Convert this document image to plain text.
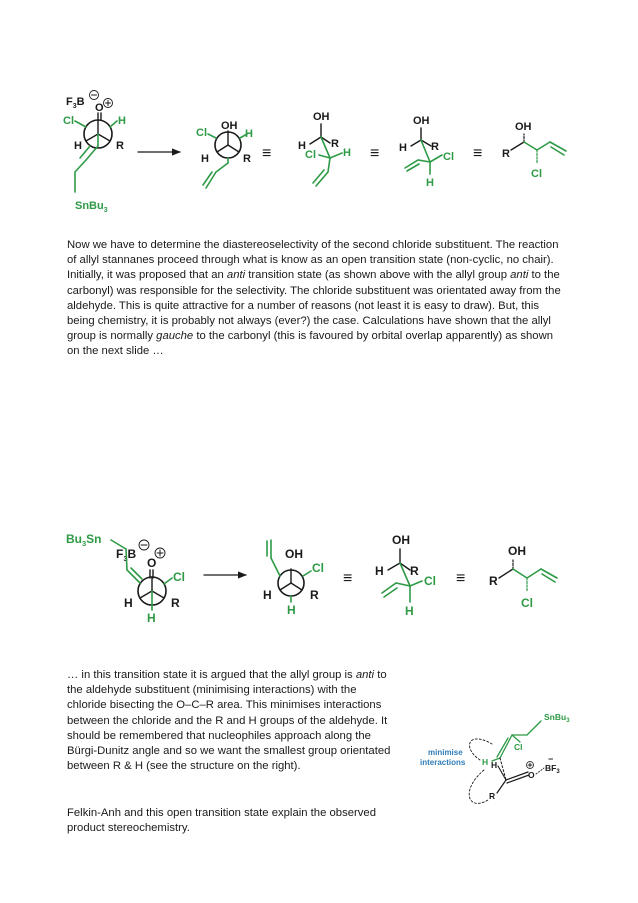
$F_3B$ O
Cl	H
H	R
SnBu$_3$
OH
Cl	H
H	R ≡
OH
H R
Cl H ≡
OH
H R
Cl
H
≡ R
OH
Cl

Now we have to determine the diastereoselectivity of the second chloride substituent. The reaction of allyl stannanes proceed through what is know as an open transition state (non-cyclic, no chair). Initially, it was proposed that an anti transition state (as shown above with the allyl group anti to the carbonyl) was responsible for the selectivity. The chloride substituent was orientated away from the aldehyde. This is quite attractive for a number of reasons (not least it is easy to draw). But, this being chemistry, it is probably not always (ever?) the case. Calculations have shown that the allyl group is normally gauche to the carbonyl (this is favoured by orbital overlap apparently) as shown on the next slide …

$Bu_3Sn$
$F_3B$
O
Cl
H	R
H
OH
Cl
H	R
H
≡
OH
H R
Cl
H
≡ R
OH
Cl

… in this transition state it is argued that the allyl group is anti to the aldehyde substituent (minimising interactions) with the chloride bisecting the O–C–R area. This minimises interactions between the chloride and the R and H groups of the aldehyde. It should be remembered that nucleophiles approach along the Bürgi-Dunitz angle and so we want the smallest group orientated between R & H (see the structure on the right).

Felkin-Anh and this open transition state explain the observed product stereochemistry.

SnBu$_3$
Cl
H H
O
$BF_3$
−
R
minimise
interactions
